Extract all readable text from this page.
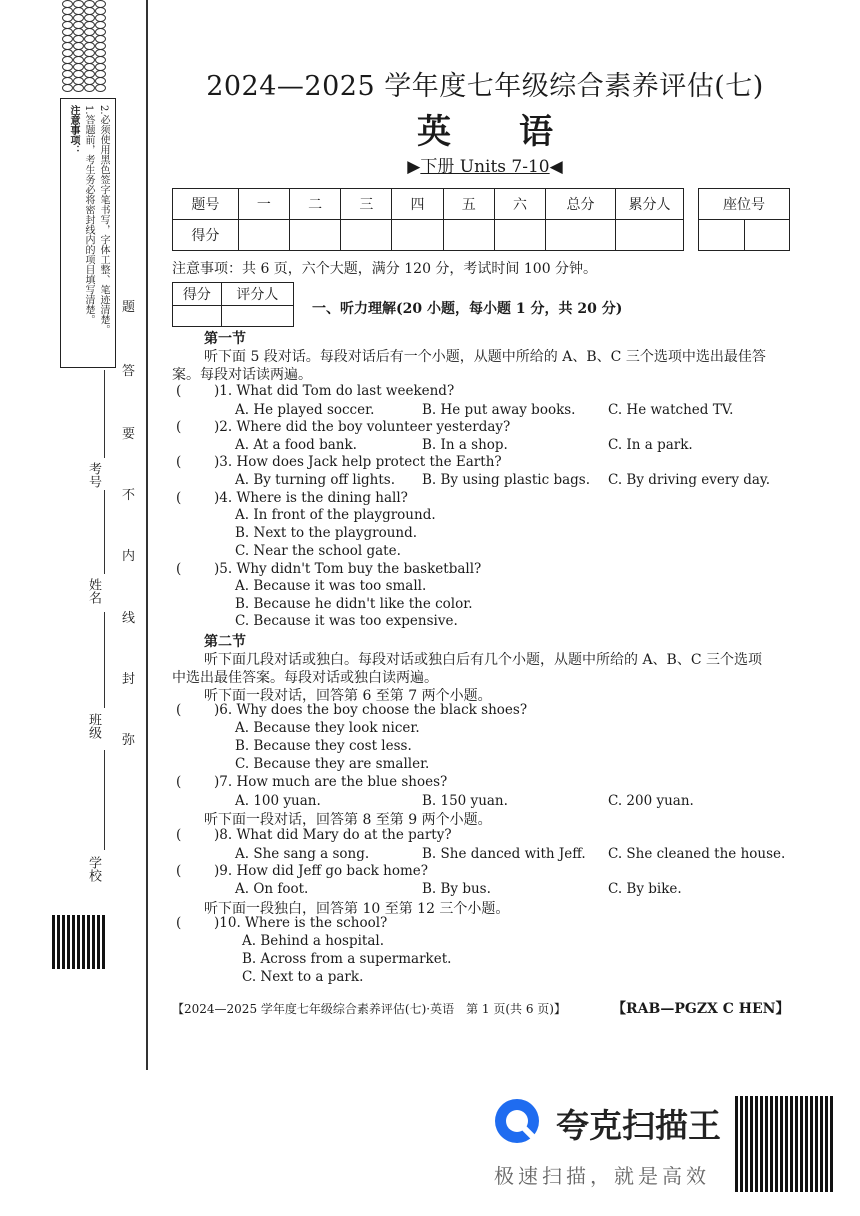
注意事项： 1.答题前，考生务必将密封线内的项目填写清楚。 2.必须使用黑色签字笔书写，字体工整、笔迹清楚。 题
答
要
不
内
线
封
弥
考号
姓名
班级
学校
2024—2025 学年度七年级综合素养评估(七)
英　　语
▶下册 Units 7-10◀
题号	一	二	三	四	五	六	总分	累分人
得分								
座位号

注意事项：共 6 页，六个大题，满分 120 分，考试时间 100 分钟。
得分	评分人

一、听力理解(20 小题，每小题 1 分，共 20 分)
第一节
听下面 5 段对话。每段对话后有一个小题，从题中所给的 A、B、C 三个选项中选出最佳答
案。每段对话读两遍。
( )1. What did Tom do last weekend?
A. He played soccer.	B. He put away books. C. He watched TV.
( )2. Where did the boy volunteer yesterday?
A. At a food bank.	B. In a shop.	C. In a park.
( )3. How does Jack help protect the Earth?
A. By turning off lights. B. By using plastic bags. C. By driving every day.
( )4. Where is the dining hall?
A. In front of the playground.
B. Next to the playground.
C. Near the school gate.
( )5. Why didn't Tom buy the basketball?
A. Because it was too small.
B. Because he didn't like the color.
C. Because it was too expensive.
第二节
听下面几段对话或独白。每段对话或独白后有几个小题，从题中所给的 A、B、C 三个选项
中选出最佳答案。每段对话或独白读两遍。
听下面一段对话，回答第 6 至第 7 两个小题。
( )6. Why does the boy choose the black shoes?
A. Because they look nicer.
B. Because they cost less.
C. Because they are smaller.
( )7. How much are the blue shoes?
A. 100 yuan.	B. 150 yuan.	C. 200 yuan.
听下面一段对话，回答第 8 至第 9 两个小题。
( )8. What did Mary do at the party?
A. She sang a song.	B. She danced with Jeff. C. She cleaned the house.
( )9. How did Jeff go back home?
A. On foot.	B. By bus.	C. By bike.
听下面一段独白，回答第 10 至第 12 三个小题。
( )10. Where is the school?
A. Behind a hospital.
B. Across from a supermarket.
C. Next to a park.
【2024—2025 学年度七年级综合素养评估(七)·英语　第 1 页(共 6 页)】	【RAB—PGZX C HEN】
夸克扫描王
极速扫描，就是高效
